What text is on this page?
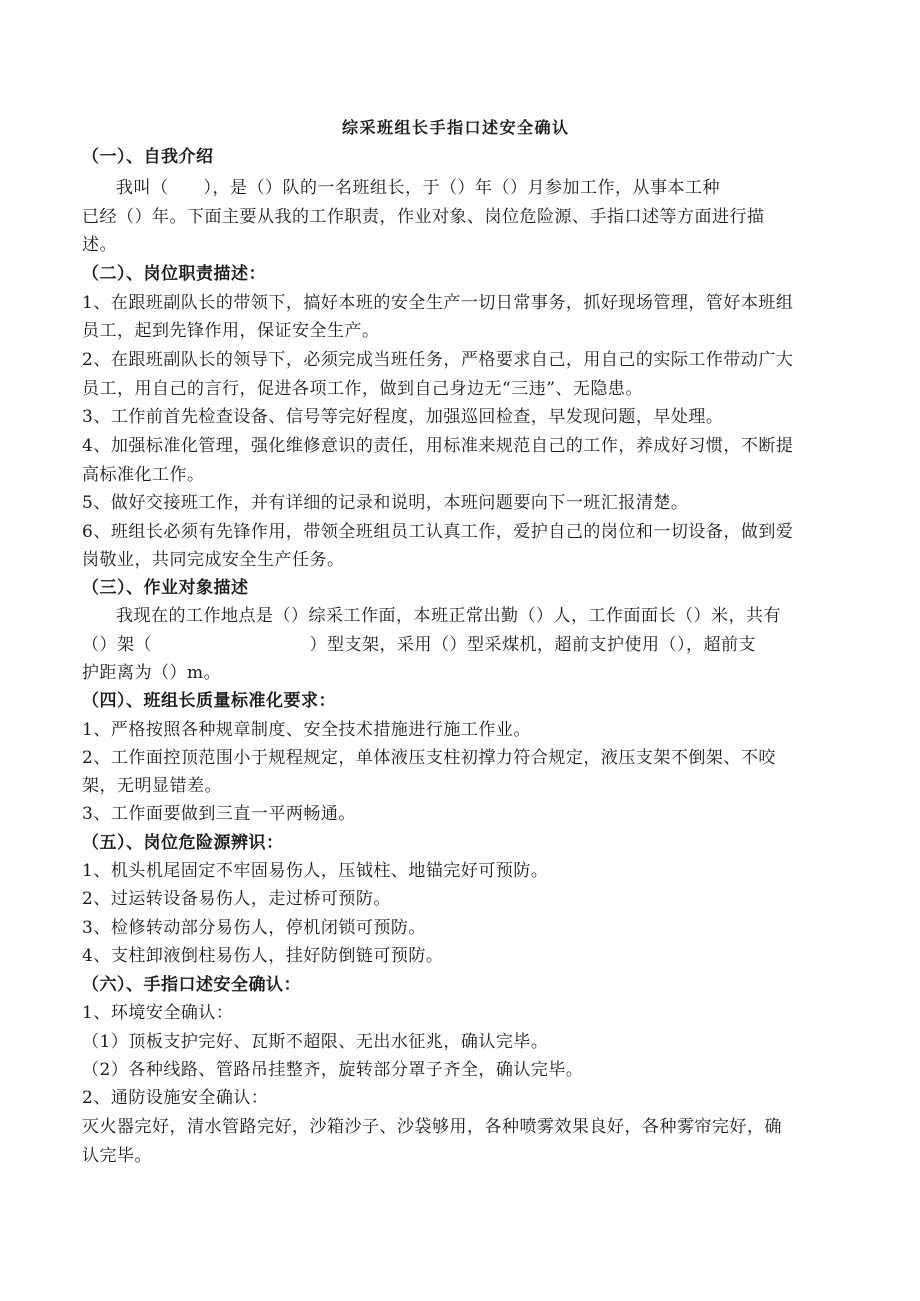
综采班组长手指口述安全确认
（一）、自我介绍
我叫（　　），是（）队的一名班组长，于（）年（）月参加工作，从事本工种
已经（）年。下面主要从我的工作职责，作业对象、岗位危险源、手指口述等方面进行描
述。
（二）、岗位职责描述：
1、在跟班副队长的带领下，搞好本班的安全生产一切日常事务，抓好现场管理，管好本班组
员工，起到先锋作用，保证安全生产。
2、在跟班副队长的领导下，必须完成当班任务，严格要求自己，用自己的实际工作带动广大
员工，用自己的言行，促进各项工作，做到自己身边无“三违”、无隐患。
3、工作前首先检查设备、信号等完好程度，加强巡回检查，早发现问题，早处理。
4、加强标准化管理，强化维修意识的责任，用标准来规范自己的工作，养成好习惯，不断提
高标准化工作。
5、做好交接班工作，并有详细的记录和说明，本班问题要向下一班汇报清楚。
6、班组长必须有先锋作用，带领全班组员工认真工作，爱护自己的岗位和一切设备，做到爱
岗敬业，共同完成安全生产任务。
（三）、作业对象描述
我现在的工作地点是（）综采工作面，本班正常出勤（）人，工作面面长（）米，共有
（）架（　　　　　　　　　）型支架，采用（）型采煤机，超前支护使用（），超前支
护距离为（）m。
（四）、班组长质量标准化要求：
1、严格按照各种规章制度、安全技术措施进行施工作业。
2、工作面控顶范围小于规程规定，单体液压支柱初撑力符合规定，液压支架不倒架、不咬
架，无明显错差。
3、工作面要做到三直一平两畅通。
（五）、岗位危险源辨识：
1、机头机尾固定不牢固易伤人，压钺柱、地锚完好可预防。
2、过运转设备易伤人，走过桥可预防。
3、检修转动部分易伤人，停机闭锁可预防。
4、支柱卸液倒柱易伤人，挂好防倒链可预防。
（六）、手指口述安全确认：
1、环境安全确认：
（1）顶板支护完好、瓦斯不超限、无出水征兆，确认完毕。
（2）各种线路、管路吊挂整齐，旋转部分罩子齐全，确认完毕。
2、通防设施安全确认：
灭火器完好，清水管路完好，沙箱沙子、沙袋够用，各种喷雾效果良好，各种雾帘完好，确
认完毕。
